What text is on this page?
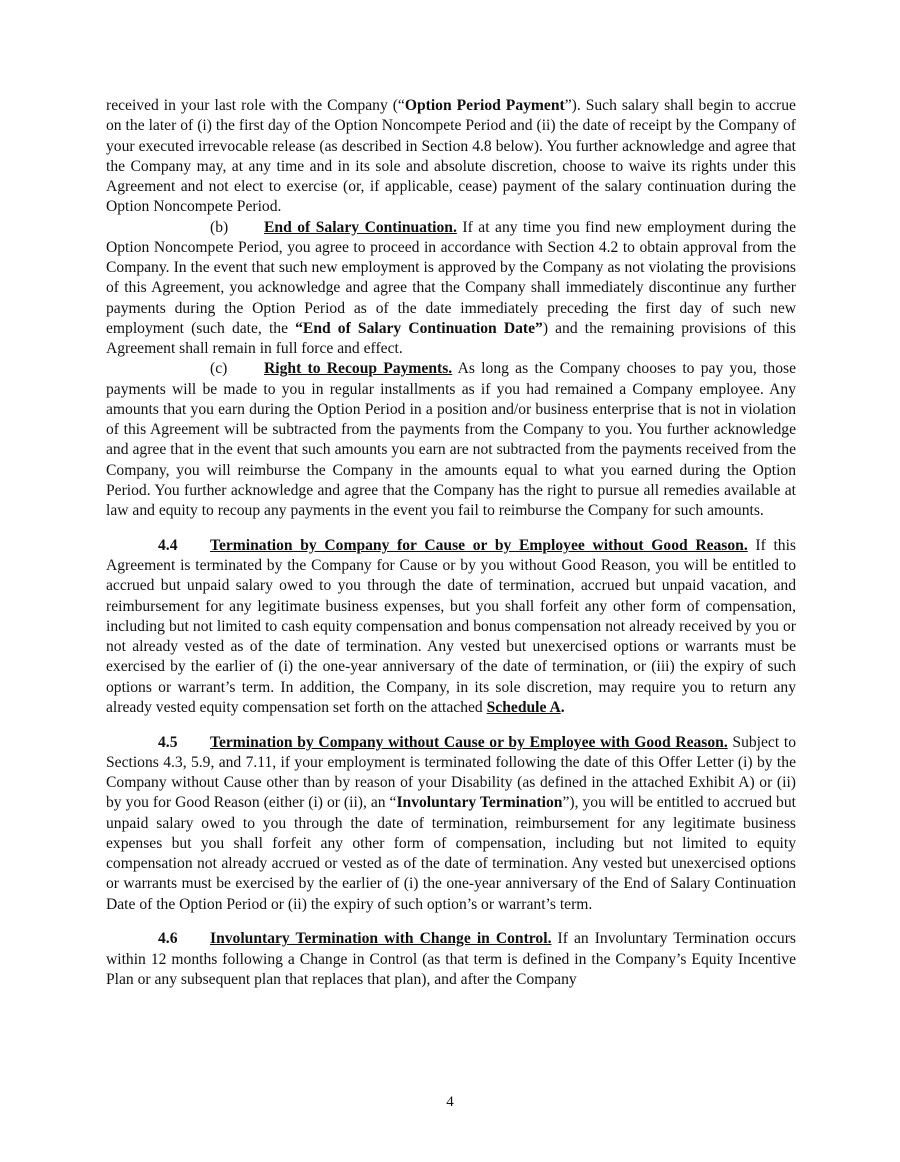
received in your last role with the Company (“Option Period Payment”). Such salary shall begin to accrue on the later of (i) the first day of the Option Noncompete Period and (ii) the date of receipt by the Company of your executed irrevocable release (as described in Section 4.8 below). You further acknowledge and agree that the Company may, at any time and in its sole and absolute discretion, choose to waive its rights under this Agreement and not elect to exercise (or, if applicable, cease) payment of the salary continuation during the Option Noncompete Period.

(b) End of Salary Continuation. If at any time you find new employment during the Option Noncompete Period, you agree to proceed in accordance with Section 4.2 to obtain approval from the Company. In the event that such new employment is approved by the Company as not violating the provisions of this Agreement, you acknowledge and agree that the Company shall immediately discontinue any further payments during the Option Period as of the date immediately preceding the first day of such new employment (such date, the “End of Salary Continuation Date”) and the remaining provisions of this Agreement shall remain in full force and effect.

(c) Right to Recoup Payments. As long as the Company chooses to pay you, those payments will be made to you in regular installments as if you had remained a Company employee. Any amounts that you earn during the Option Period in a position and/or business enterprise that is not in violation of this Agreement will be subtracted from the payments from the Company to you. You further acknowledge and agree that in the event that such amounts you earn are not subtracted from the payments received from the Company, you will reimburse the Company in the amounts equal to what you earned during the Option Period. You further acknowledge and agree that the Company has the right to pursue all remedies available at law and equity to recoup any payments in the event you fail to reimburse the Company for such amounts.

4.4 Termination by Company for Cause or by Employee without Good Reason. If this Agreement is terminated by the Company for Cause or by you without Good Reason, you will be entitled to accrued but unpaid salary owed to you through the date of termination, accrued but unpaid vacation, and reimbursement for any legitimate business expenses, but you shall forfeit any other form of compensation, including but not limited to cash equity compensation and bonus compensation not already received by you or not already vested as of the date of termination. Any vested but unexercised options or warrants must be exercised by the earlier of (i) the one-year anniversary of the date of termination, or (iii) the expiry of such options or warrant’s term. In addition, the Company, in its sole discretion, may require you to return any already vested equity compensation set forth on the attached Schedule A.

4.5 Termination by Company without Cause or by Employee with Good Reason. Subject to Sections 4.3, 5.9, and 7.11, if your employment is terminated following the date of this Offer Letter (i) by the Company without Cause other than by reason of your Disability (as defined in the attached Exhibit A) or (ii) by you for Good Reason (either (i) or (ii), an “Involuntary Termination”), you will be entitled to accrued but unpaid salary owed to you through the date of termination, reimbursement for any legitimate business expenses but you shall forfeit any other form of compensation, including but not limited to equity compensation not already accrued or vested as of the date of termination. Any vested but unexercised options or warrants must be exercised by the earlier of (i) the one-year anniversary of the End of Salary Continuation Date of the Option Period or (ii) the expiry of such option’s or warrant’s term.

4.6 Involuntary Termination with Change in Control. If an Involuntary Termination occurs within 12 months following a Change in Control (as that term is defined in the Company’s Equity Incentive Plan or any subsequent plan that replaces that plan), and after the Company

4
